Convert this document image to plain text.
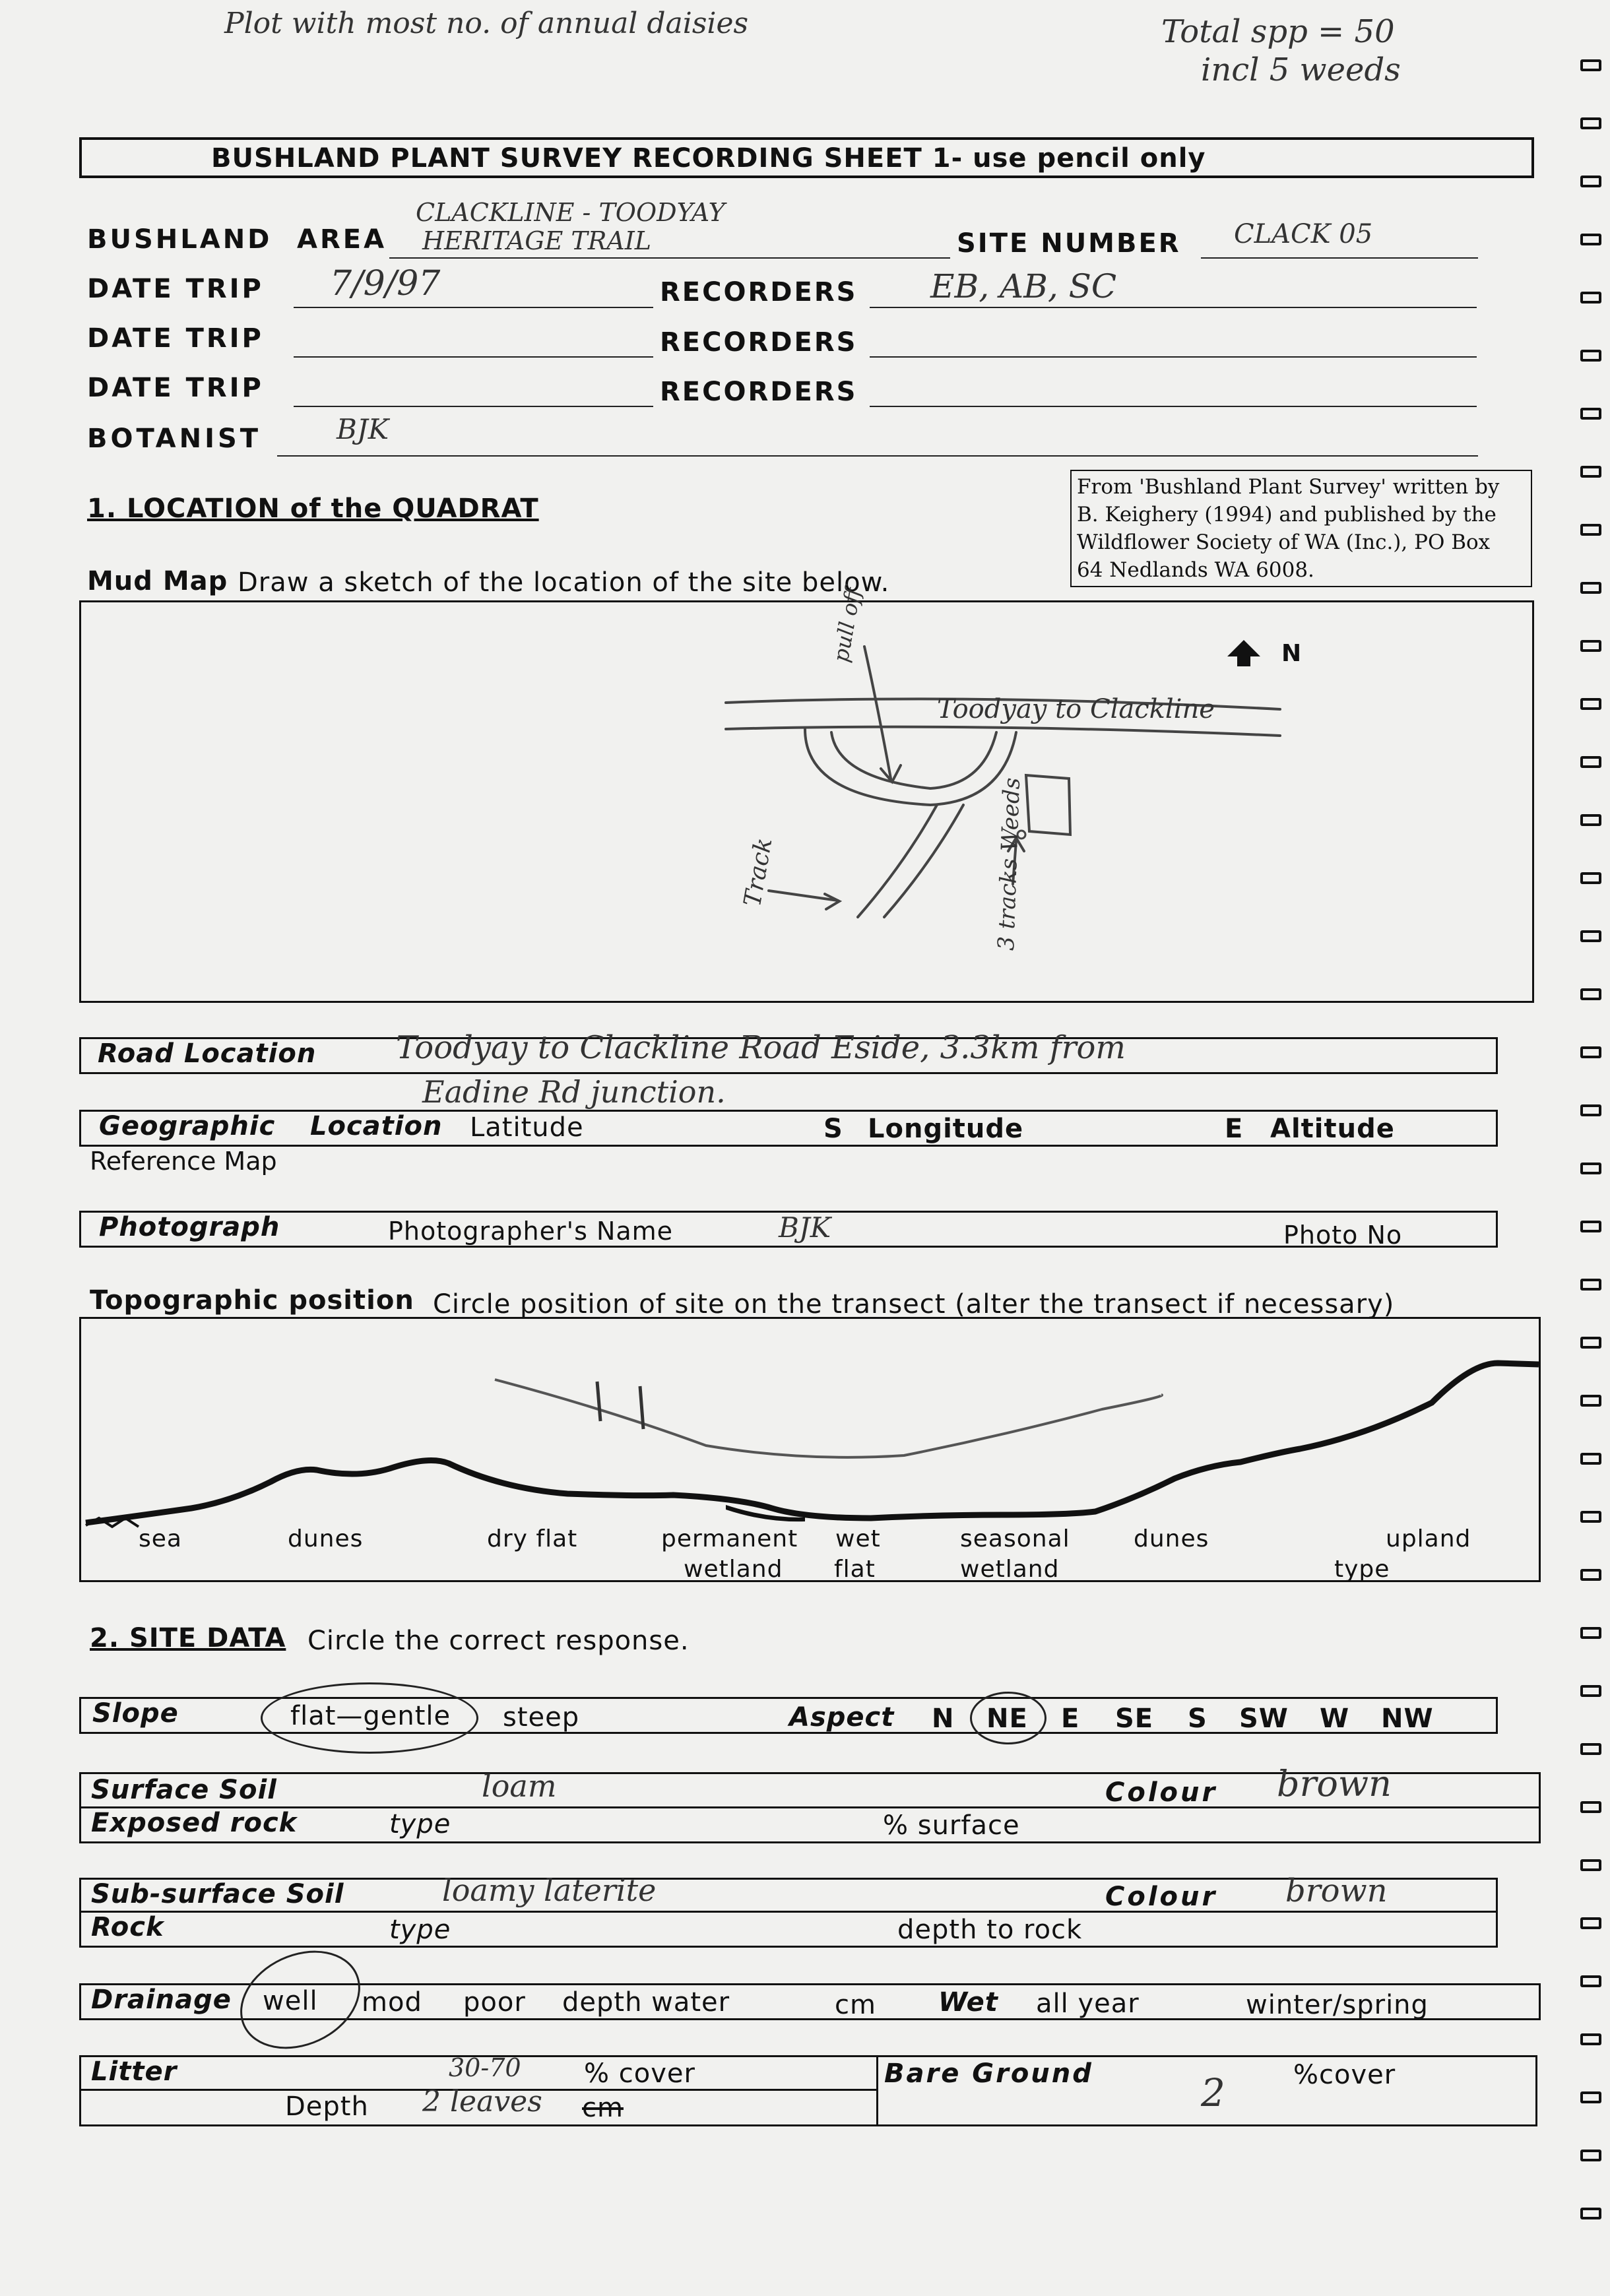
Plot with most no. of annual daisies	Total spp = 50
incl 5 weeds
BUSHLAND PLANT SURVEY RECORDING SHEET 1- use pencil only
BUSHLAND AREA
CLACKLINE - TOODYAY
HERITAGE TRAIL	SITE NUMBER CLACK 05
DATE TRIP 7/9/97	RECORDERS EB, AB, SC
DATE TRIP	RECORDERS
DATE TRIP	RECORDERS
BOTANIST	BJK
From 'Bushland Plant Survey' written by
B. Keighery (1994) and published by the
Wildflower Society of WA (Inc.), PO Box
64 Nedlands WA 6008.
1. LOCATION of the QUADRAT
Mud Map Draw a sketch of the location of the site below.
N
pull off
Toodyay to Clackline
Track	3 tracks Weeds
Road Location	Toodyay to Clackline Road Eside, 3.3km from
Eadine Rd junction.
Geographic Location Latitude	S Longitude	E Altitude
Reference Map
Photograph	Photographer's Name	BJK	Photo No
Topographic position Circle position of site on the transect (alter the transect if necessary)
sea	dunes	dry flat	permanent
wetland
wet
flat
seasonal
wetland
dunes	upland
type
2. SITE DATA Circle the correct response.
Slope	flat—gentle steep	Aspect N NE E SE S SW W NW
Surface Soil	loam	Colour brown
Exposed rock	type	% surface
Sub-surface Soil	loamy laterite	Colour brown
Rock	type	depth to rock
Drainage well mod poor depth water	cm Wet all year	winter/spring
Litter	30-70 % cover
Depth 2 leaves cm
Bare Ground	2	%cover
